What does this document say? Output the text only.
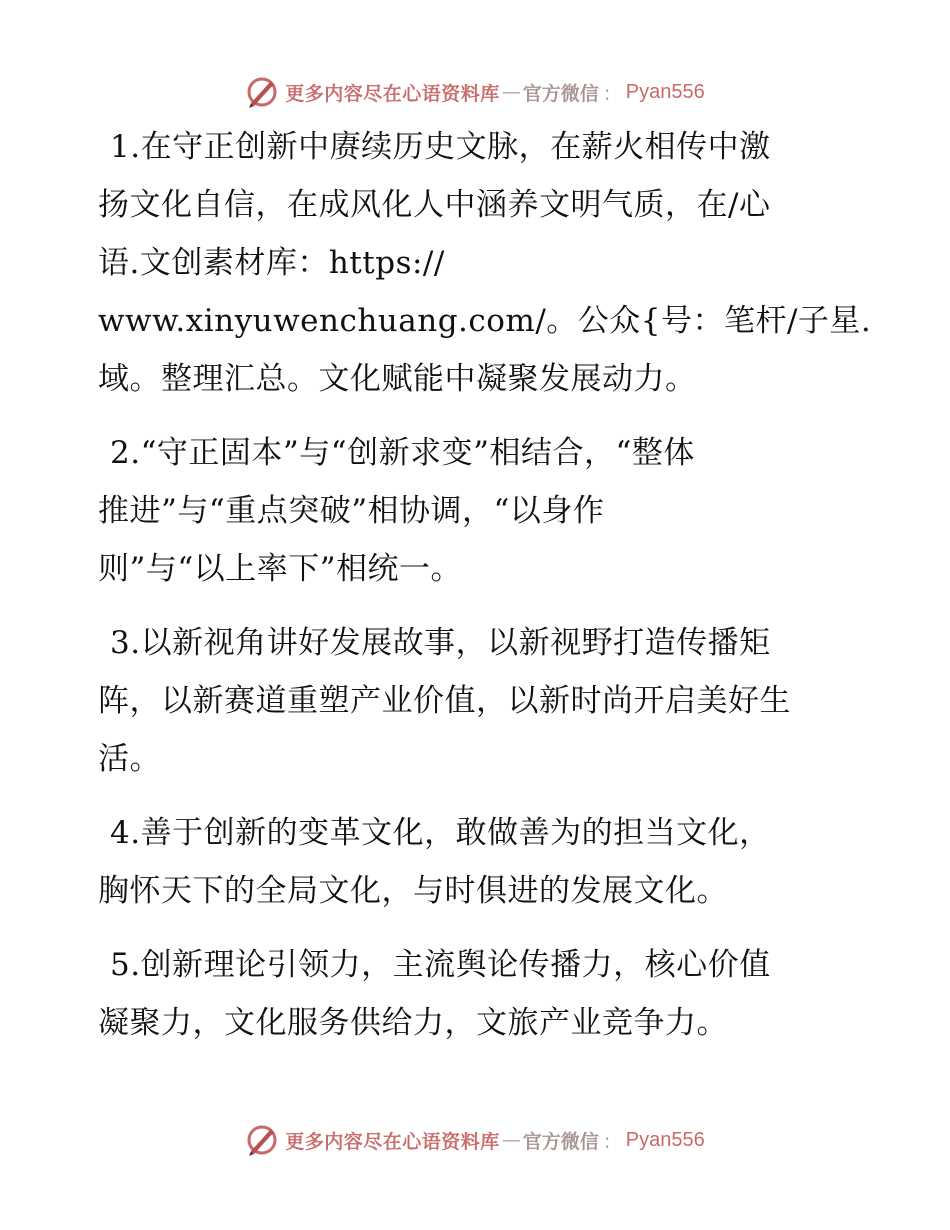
更多内容尽在心语资料库 — 官方微信 ： Pyan556
1.在守正创新中赓续历史文脉，在薪火相传中激
扬文化自信，在成风化人中涵养文明气质，在/心
语.文创素材库：https://
www.xinyuwenchuang.com/。公众{号：笔杆/子星.
域。整理汇总。文化赋能中凝聚发展动力。
2.“守正固本”与“创新求变”相结合，“整体
推进”与“重点突破”相协调，“以身作
则”与“以上率下”相统一。
3.以新视角讲好发展故事，以新视野打造传播矩
阵，以新赛道重塑产业价值，以新时尚开启美好生
活。
4.善于创新的变革文化，敢做善为的担当文化，
胸怀天下的全局文化，与时俱进的发展文化。
5.创新理论引领力，主流舆论传播力，核心价值
凝聚力，文化服务供给力，文旅产业竞争力。
更多内容尽在心语资料库 — 官方微信 ： Pyan556
